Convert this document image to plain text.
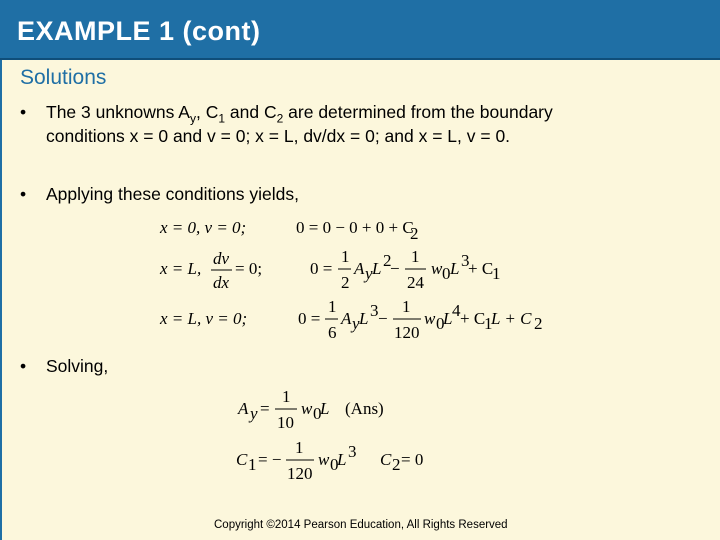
EXAMPLE 1 (cont)
Solutions
• The 3 unknowns $A_y$, $C_1$ and $C_2$ are determined from the boundary
conditions x = 0 and v = 0; x = L, dv/dx = 0; and x = L, v = 0.
• Applying these conditions yields,
• Solving,
x = 0, v = 0;	0 = 0 − 0 + 0 + C
2
x = L,
dv
dx
= 0;	0 =
1
2
A y L 2
−
1
24
w 0 L 3
+ C
1
x = L, v = 0;	0 =
1
6
A y L 3 −
1
120
w 0
L 4 + C
1
L + C 2
A y =
1
10
w 0
L (Ans)
C 1 = −
1
120
w 0
L 3 C 2 = 0
Copyright ©2014 Pearson Education, All Rights Reserved
